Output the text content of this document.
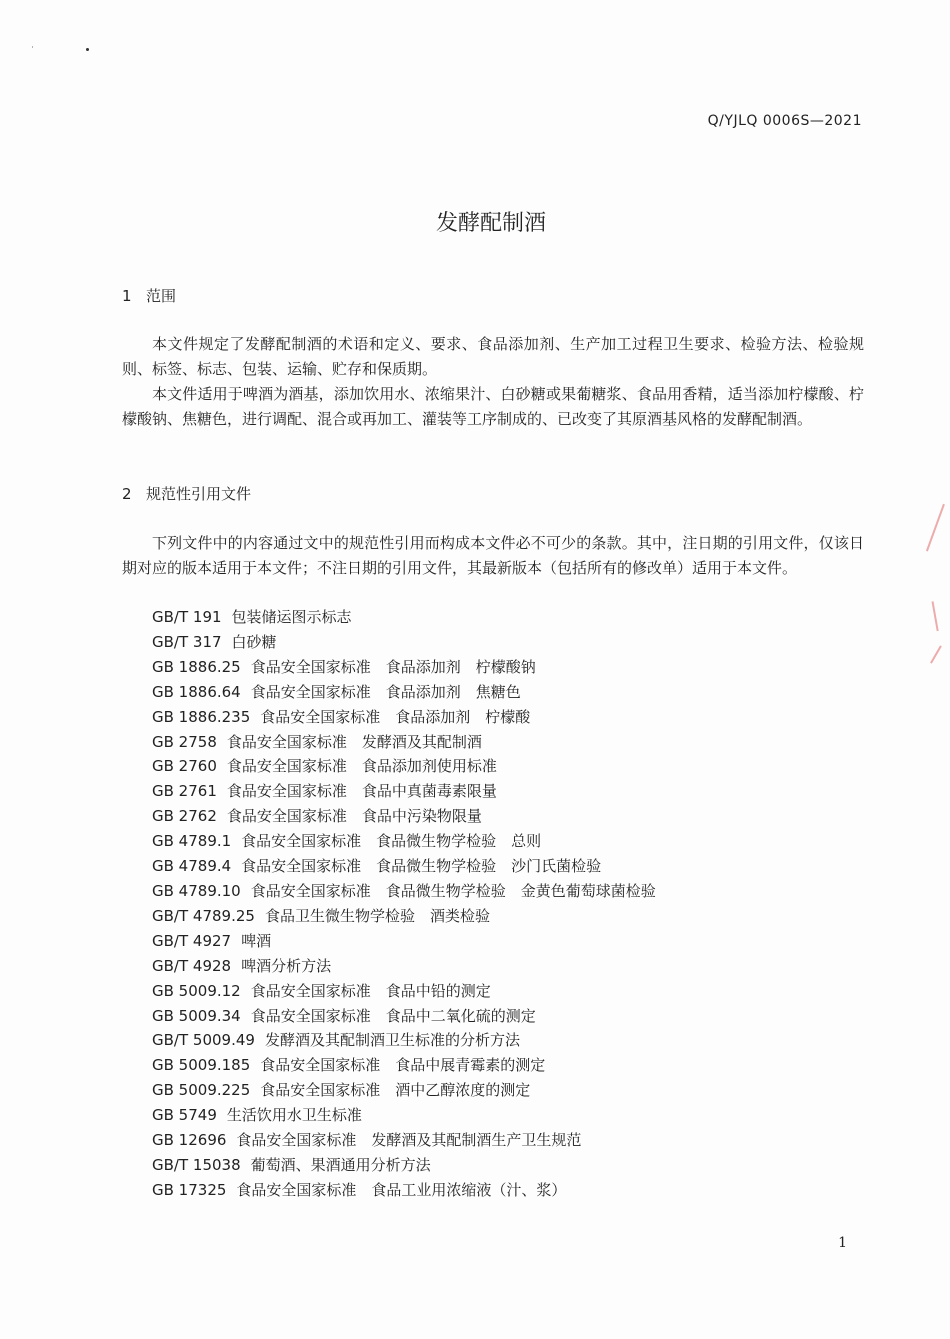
Q/YJLQ 0006S—2021
发酵配制酒
1 范围
本文件规定了发酵配制酒的术语和定义、要求、食品添加剂、生产加工过程卫生要求、检验方法、检验规则、标签、标志、包装、运输、贮存和保质期。
本文件适用于啤酒为酒基，添加饮用水、浓缩果汁、白砂糖或果葡糖浆、食品用香精，适当添加柠檬酸、柠檬酸钠、焦糖色，进行调配、混合或再加工、灌装等工序制成的、已改变了其原酒基风格的发酵配制酒。
2 规范性引用文件
下列文件中的内容通过文中的规范性引用而构成本文件必不可少的条款。其中，注日期的引用文件，仅该日期对应的版本适用于本文件；不注日期的引用文件，其最新版本（包括所有的修改单）适用于本文件。
GB/T 191 包装储运图示标志
GB/T 317 白砂糖
GB 1886.25 食品安全国家标准　食品添加剂　柠檬酸钠
GB 1886.64 食品安全国家标准　食品添加剂　焦糖色
GB 1886.235 食品安全国家标准　食品添加剂　柠檬酸
GB 2758 食品安全国家标准　发酵酒及其配制酒
GB 2760 食品安全国家标准　食品添加剂使用标准
GB 2761 食品安全国家标准　食品中真菌毒素限量
GB 2762 食品安全国家标准　食品中污染物限量
GB 4789.1 食品安全国家标准　食品微生物学检验　总则
GB 4789.4 食品安全国家标准　食品微生物学检验　沙门氏菌检验
GB 4789.10 食品安全国家标准　食品微生物学检验　金黄色葡萄球菌检验
GB/T 4789.25 食品卫生微生物学检验　酒类检验
GB/T 4927 啤酒
GB/T 4928 啤酒分析方法
GB 5009.12 食品安全国家标准　食品中铅的测定
GB 5009.34 食品安全国家标准　食品中二氧化硫的测定
GB/T 5009.49 发酵酒及其配制酒卫生标准的分析方法
GB 5009.185 食品安全国家标准　食品中展青霉素的测定
GB 5009.225 食品安全国家标准　酒中乙醇浓度的测定
GB 5749 生活饮用水卫生标准
GB 12696 食品安全国家标准　发酵酒及其配制酒生产卫生规范
GB/T 15038 葡萄酒、果酒通用分析方法
GB 17325 食品安全国家标准　食品工业用浓缩液（汁、浆）
1
